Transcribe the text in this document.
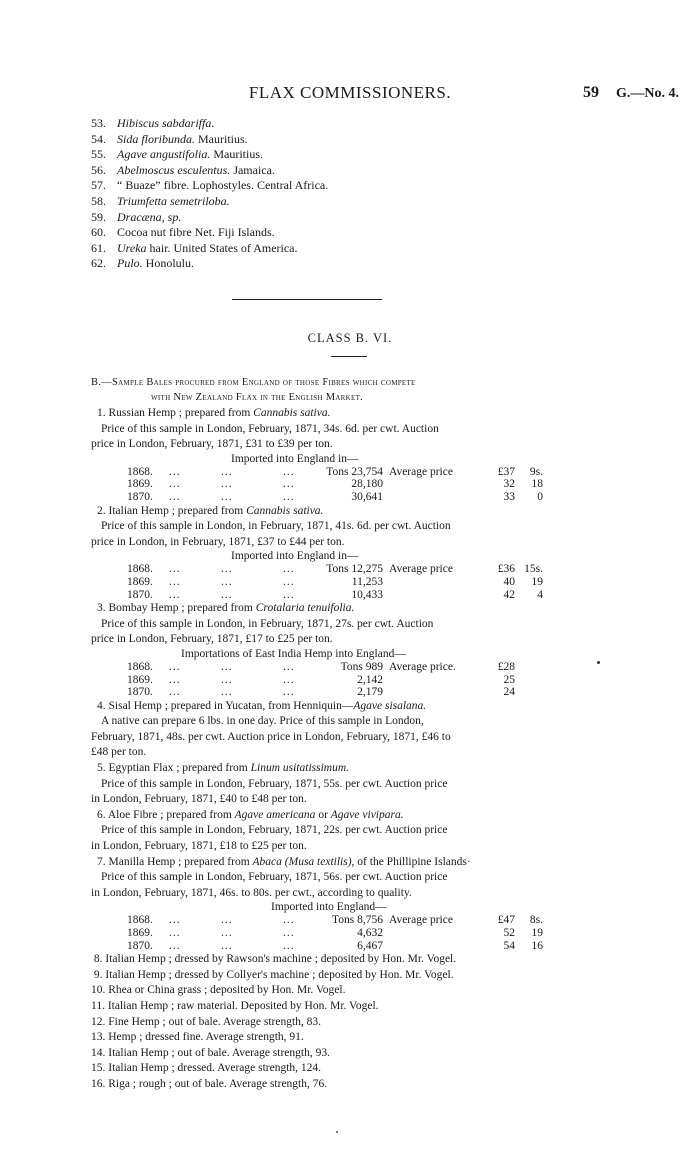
FLAX COMMISSIONERS.	59 G.—No. 4.
53. Hibiscus sabdariffa.
54. Sida floribunda. Mauritius.
55. Agave angustifolia. Mauritius.
56. Abelmoscus esculentus. Jamaica.
57. “ Buaze” fibre. Lophostyles. Central Africa.
58. Triumfetta semetriloba.
59. Dracæna, sp.
60. Cocoa nut fibre Net. Fiji Islands.
61. Ureka hair. United States of America.
62. Pulo. Honolulu.
CLASS B. VI.
B.—Sample Bales procured from England of those Fibres which compete
with New Zealand Flax in the English Market.
1. Russian Hemp ; prepared from Cannabis sativa.
Price of this sample in London, February, 1871, 34s. 6d. per cwt. Auction
price in London, February, 1871, £31 to £39 per ton.
Imported into England in—
1868.	...	...	...	Tons 23,754	Average price	£37	9s.
1869.	...	...	...	28,180		32	18
1870.	...	...	...	30,641		33	0
2. Italian Hemp ; prepared from Cannabis sativa.
Price of this sample in London, in February, 1871, 41s. 6d. per cwt. Auction
price in London, in February, 1871, £37 to £44 per ton.
Imported into England in—
1868.	...	...	...	Tons 12,275	Average price	£36	15s.
1869.	...	...	...	11,253		40	19
1870.	...	...	...	10,433		42	4
3. Bombay Hemp ; prepared from Crotalaria tenuifolia.
Price of this sample in London, in February, 1871, 27s. per cwt. Auction
price in London, February, 1871, £17 to £25 per ton.
Importations of East India Hemp into England—
1868.	...	...	...	Tons 989	Average price.	£28	
1869.	...	...	...	2,142		25	
1870.	...	...	...	2,179		24	
4. Sisal Hemp ; prepared in Yucatan, from Henniquin—Agave sisalana.
A native can prepare 6 lbs. in one day. Price of this sample in London,
February, 1871, 48s. per cwt. Auction price in London, February, 1871, £46 to
£48 per ton.
5. Egyptian Flax ; prepared from Linum usitatissimum.
Price of this sample in London, February, 1871, 55s. per cwt. Auction price
in London, February, 1871, £40 to £48 per ton.
6. Aloe Fibre ; prepared from Agave americana or Agave vivipara.
Price of this sample in London, February, 1871, 22s. per cwt. Auction price
in London, February, 1871, £18 to £25 per ton.
7. Manilla Hemp ; prepared from Abaca (Musa textilis), of the Phillipine Islands·
Price of this sample in London, February, 1871, 56s. per cwt. Auction price
in London, February, 1871, 46s. to 80s. per cwt., according to quality.
Imported into England—
1868.	...	...	...	Tons 8,756	Average price	£47	8s.
1869.	...	...	...	4,632		52	19
1870.	...	...	...	6,467		54	16
8. Italian Hemp ; dressed by Rawson's machine ; deposited by Hon. Mr. Vogel.
9. Italian Hemp ; dressed by Collyer's machine ; deposited by Hon. Mr. Vogel.
10. Rhea or China grass ; deposited by Hon. Mr. Vogel.
11. Italian Hemp ; raw material. Deposited by Hon. Mr. Vogel.
12. Fine Hemp ; out of bale. Average strength, 83.
13. Hemp ; dressed fine. Average strength, 91.
14. Italian Hemp ; out of bale. Average strength, 93.
15. Italian Hemp ; dressed. Average strength, 124.
16. Riga ; rough ; out of bale. Average strength, 76.
